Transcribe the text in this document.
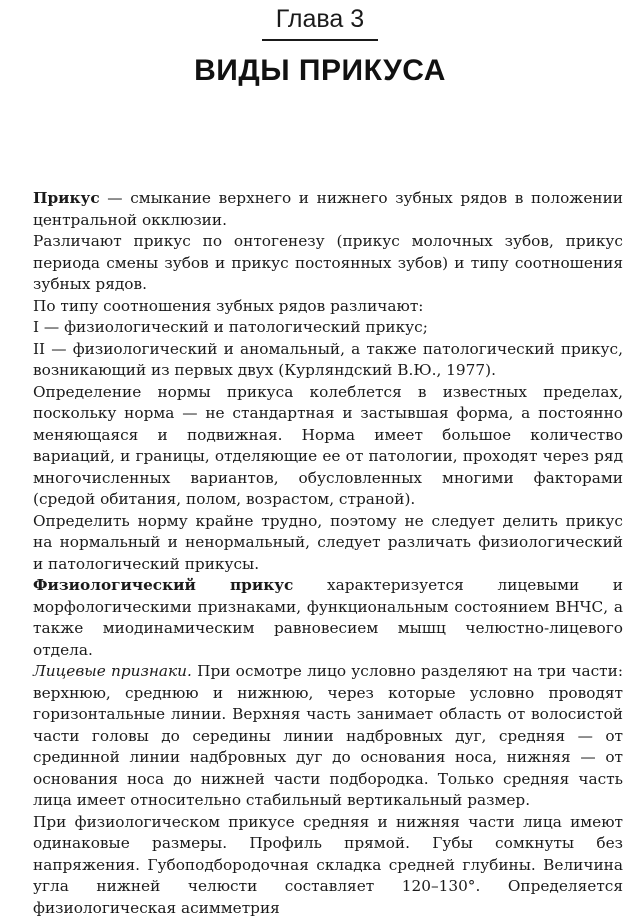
Глава 3
ВИДЫ ПРИКУСА

Прикус — смыкание верхнего и нижнего зубных рядов в положении центральной окклюзии.

Различают прикус по онтогенезу (прикус молочных зубов, прикус периода смены зубов и прикус постоянных зубов) и типу соотношения зубных рядов.

По типу соотношения зубных рядов различают:

I — физиологический и патологический прикус;

II — физиологический и аномальный, а также патологический прикус, возникающий из первых двух (Курляндский В.Ю., 1977).

Определение нормы прикуса колеблется в известных пределах, поскольку норма — не стандартная и застывшая форма, а постоянно меняющаяся и подвижная. Норма имеет большое количество вариаций, и границы, отделяющие ее от патологии, проходят через ряд многочисленных вариантов, обусловленных многими факторами (средой обитания, полом, возрастом, страной).

Определить норму крайне трудно, поэтому не следует делить прикус на нормальный и ненормальный, следует различать физиологический и патологический прикусы.

Физиологический прикус характеризуется лицевыми и морфологическими признаками, функциональным состоянием ВНЧС, а также миодинамическим равновесием мышц челюстно-лицевого отдела.

Лицевые признаки. При осмотре лицо условно разделяют на три части: верхнюю, среднюю и нижнюю, через которые условно проводят горизонтальные линии. Верхняя часть занимает область от волосистой части головы до середины линии надбровных дуг, средняя — от срединной линии надбровных дуг до основания носа, нижняя — от основания носа до нижней части подбородка. Только средняя часть лица имеет относительно стабильный вертикальный размер.

При физиологическом прикусе средняя и нижняя части лица имеют одинаковые размеры. Профиль прямой. Губы сомкнуты без напряжения. Губоподбородочная складка средней глубины. Величина угла нижней челюсти составляет 120–130°. Определяется физиологическая асимметрия
